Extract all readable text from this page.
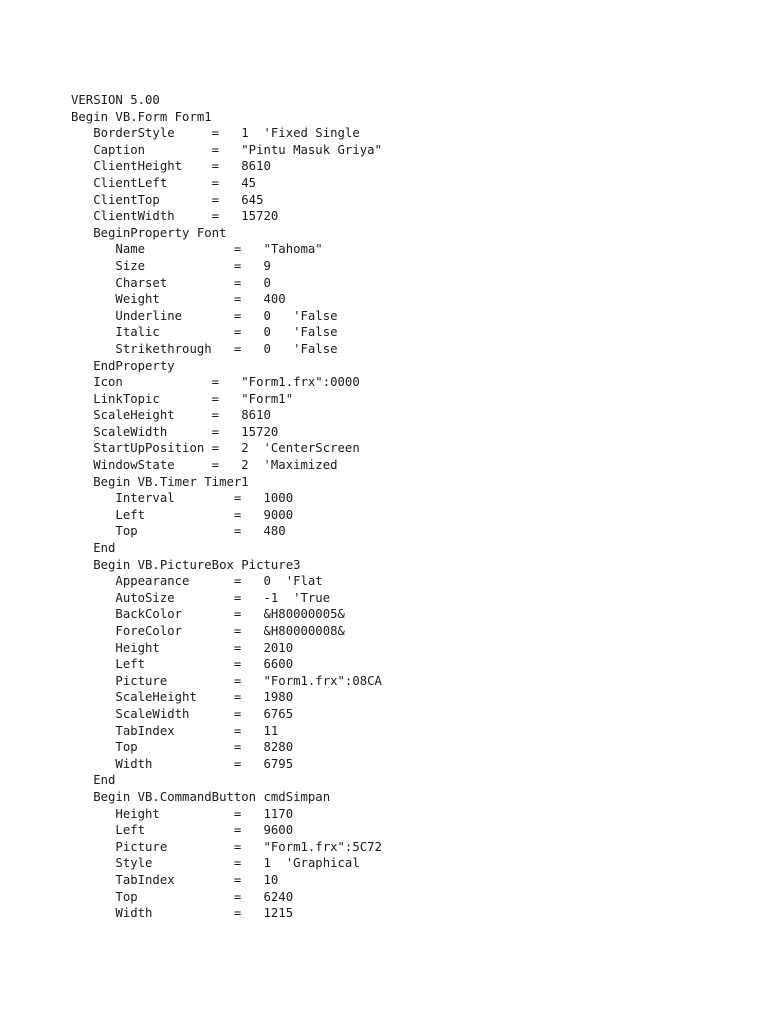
VERSION 5.00
Begin VB.Form Form1
BorderStyle     =   1  'Fixed Single
Caption         =   "Pintu Masuk Griya"
ClientHeight    =   8610
ClientLeft      =   45
ClientTop       =   645
ClientWidth     =   15720
BeginProperty Font
Name            =   "Tahoma"
Size            =   9
Charset         =   0
Weight          =   400
Underline       =   0   'False
Italic          =   0   'False
Strikethrough   =   0   'False
EndProperty
Icon            =   "Form1.frx":0000
LinkTopic       =   "Form1"
ScaleHeight     =   8610
ScaleWidth      =   15720
StartUpPosition =   2  'CenterScreen
WindowState     =   2  'Maximized
Begin VB.Timer Timer1
Interval        =   1000
Left            =   9000
Top             =   480
End
Begin VB.PictureBox Picture3
Appearance      =   0  'Flat
AutoSize        =   -1  'True
BackColor       =   &H80000005&
ForeColor       =   &H80000008&
Height          =   2010
Left            =   6600
Picture         =   "Form1.frx":08CA
ScaleHeight     =   1980
ScaleWidth      =   6765
TabIndex        =   11
Top             =   8280
Width           =   6795
End
Begin VB.CommandButton cmdSimpan
Height          =   1170
Left            =   9600
Picture         =   "Form1.frx":5C72
Style           =   1  'Graphical
TabIndex        =   10
Top             =   6240
Width           =   1215
